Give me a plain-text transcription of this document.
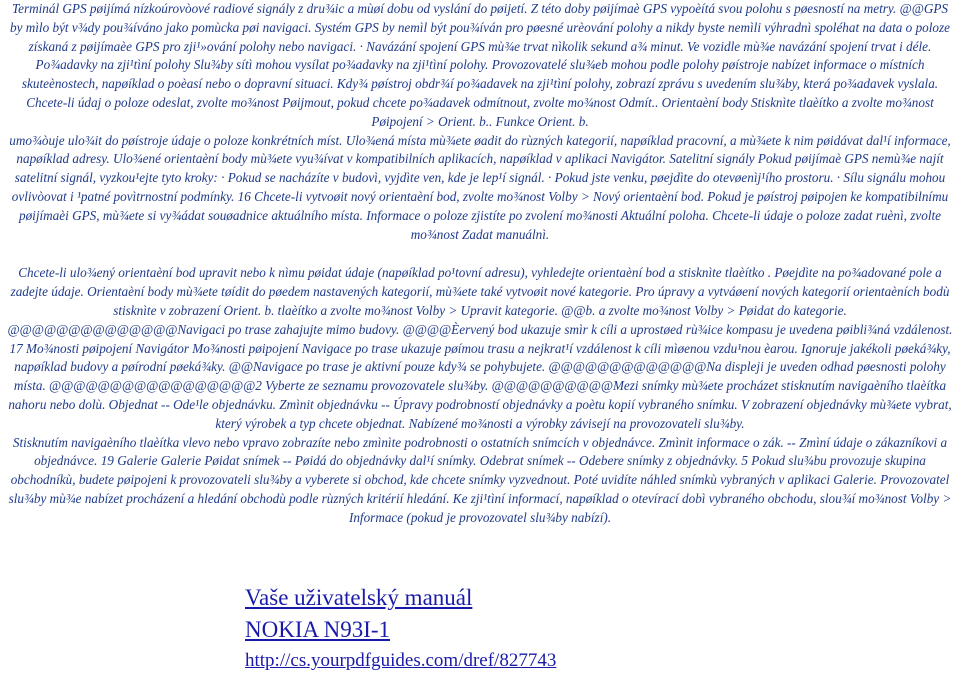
Terminál GPS pøijímá nízkoúrovòové radiové signály z dru¾ic a mùøí dobu od vyslání do pøijetí. Z této doby pøijímaè GPS vypoèítá svou polohu s pøesností na metry. @@GPS by mìlo být v¾dy pou¾íváno jako pomùcka pøi navigaci. Systém GPS by nemìl být pou¾íván pro pøesné urèování polohy a nikdy byste nemìli výhradnì spoléhat na data o poloze získaná z pøijímaèe GPS pro zji¹»ování polohy nebo navigaci. · Navázání spojení GPS mù¾e trvat nìkolik sekund a¾ minut. Ve vozidle mù¾e navázání spojení trvat i déle.

Po¾adavky na zji¹tìní polohy Slu¾by sítì mohou vysílat po¾adavky na zji¹tìní polohy. Provozovatelé slu¾eb mohou podle polohy pøístroje nabízet informace o místních skuteènostech, napøíklad o poèasí nebo o dopravní situaci. Kdy¾ pøístroj obdr¾í po¾adavek na zji¹tìní polohy, zobrazí zprávu s uvedením slu¾by, která po¾adavek vyslala. Chcete-li údaj o poloze odeslat, zvolte mo¾nost Pøijmout, pokud chcete po¾adavek odmítnout, zvolte mo¾nost Odmít.. Orientaèní body Stisknìte tlaèítko a zvolte mo¾nost Pøipojení > Orient. b.. Funkce Orient. b.

umo¾òuje ulo¾it do pøístroje údaje o poloze konkrétních míst. Ulo¾ená místa mù¾ete øadit do rùzných kategorií, napøíklad pracovní, a mù¾ete k nim pøidávat dal¹í informace, napøíklad adresy. Ulo¾ené orientaèní body mù¾ete vyu¾ívat v kompatibilních aplikacích, napøíklad v aplikaci Navigátor. Satelitní signály Pokud pøijímaè GPS nemù¾e najít satelitní signál, vyzkou¹ejte tyto kroky: · Pokud se nacházíte v budovì, vyjdìte ven, kde je lep¹í signál. · Pokud jste venku, pøejdìte do otevøenìj¹ího prostoru. · Sílu signálu mohou ovlivòovat i ¹patné povìtrnostní podmínky. 16 Chcete-li vytvoøit nový orientaèní bod, zvolte mo¾nost Volby > Nový orientaèní bod. Pokud je pøístroj pøipojen ke kompatibilnímu pøijímaèi GPS, mù¾ete si vy¾ádat souøadnice aktuálního místa. Informace o poloze zjistíte po zvolení mo¾nosti Aktuální poloha. Chcete-li údaje o poloze zadat ruènì, zvolte mo¾nost Zadat manuálnì.

Chcete-li ulo¾ený orientaèní bod upravit nebo k nìmu pøidat údaje (napøíklad po¹tovní adresu), vyhledejte orientaèní bod a stisknìte tlaèítko . Pøejdìte na po¾adované pole a zadejte údaje. Orientaèní body mù¾ete tøídit do pøedem nastavených kategorií, mù¾ete také vytvoøit nové kategorie. Pro úpravy a vytváøení nových kategorií orientaèních bodù stisknìte v zobrazení Orient. b. tlaèítko a zvolte mo¾nost Volby > Upravit kategorie. @@b. a zvolte mo¾nost Volby > Pøidat do kategorie. @@@@@@@@@@@@@@Navigaci po trase zahajujte mimo budovy. @@@@Èervený bod ukazuje smìr k cíli a uprostøed rù¾ice kompasu je uvedena pøibli¾ná vzdálenost.

17 Mo¾nosti pøipojení Navigátor Mo¾nosti pøipojení Navigace po trase ukazuje pøímou trasu a nejkrat¹í vzdálenost k cíli mìøenou vzdu¹nou èarou. Ignoruje jakékoli pøeká¾ky, napøíklad budovy a pøírodní pøeká¾ky. @@Navigace po trase je aktivní pouze kdy¾ se pohybujete. @@@@@@@@@@@@@Na displeji je uveden odhad pøesnosti polohy místa. @@@@@@@@@@@@@@@@@2 Vyberte ze seznamu provozovatele slu¾by. @@@@@@@@@@Mezi snímky mù¾ete procházet stisknutím navigaèního tlaèítka nahoru nebo dolù. Objednat -- Ode¹le objednávku. Zmìnit objednávku -- Úpravy podrobností objednávky a poètu kopií vybraného snímku. V zobrazení objednávky mù¾ete vybrat, který výrobek a typ chcete objednat. Nabízené mo¾nosti a výrobky závisejí na provozovateli slu¾by.

Stisknutím navigaèního tlaèítka vlevo nebo vpravo zobrazíte nebo zmìnìte podrobnosti o ostatních snímcích v objednávce. Zmìnit informace o zák. -- Zmìní údaje o zákazníkovi a objednávce. 19 Galerie Galerie Pøidat snímek -- Pøidá do objednávky dal¹í snímky. Odebrat snímek -- Odebere snímky z objednávky. 5 Pokud slu¾bu provozuje skupina obchodníkù, budete pøipojeni k provozovateli slu¾by a vyberete si obchod, kde chcete snímky vyzvednout. Poté uvidíte náhled snímkù vybraných v aplikaci Galerie. Provozovatel slu¾by mù¾e nabízet procházení a hledání obchodù podle rùzných kritérií hledání. Ke zji¹tìní informací, napøíklad o otevírací dobì vybraného obchodu, slou¾í mo¾nost Volby > Informace (pokud je provozovatel slu¾by nabízí).

Vaše uživatelský manuál
NOKIA N93I-1
http://cs.yourpdfguides.com/dref/827743
